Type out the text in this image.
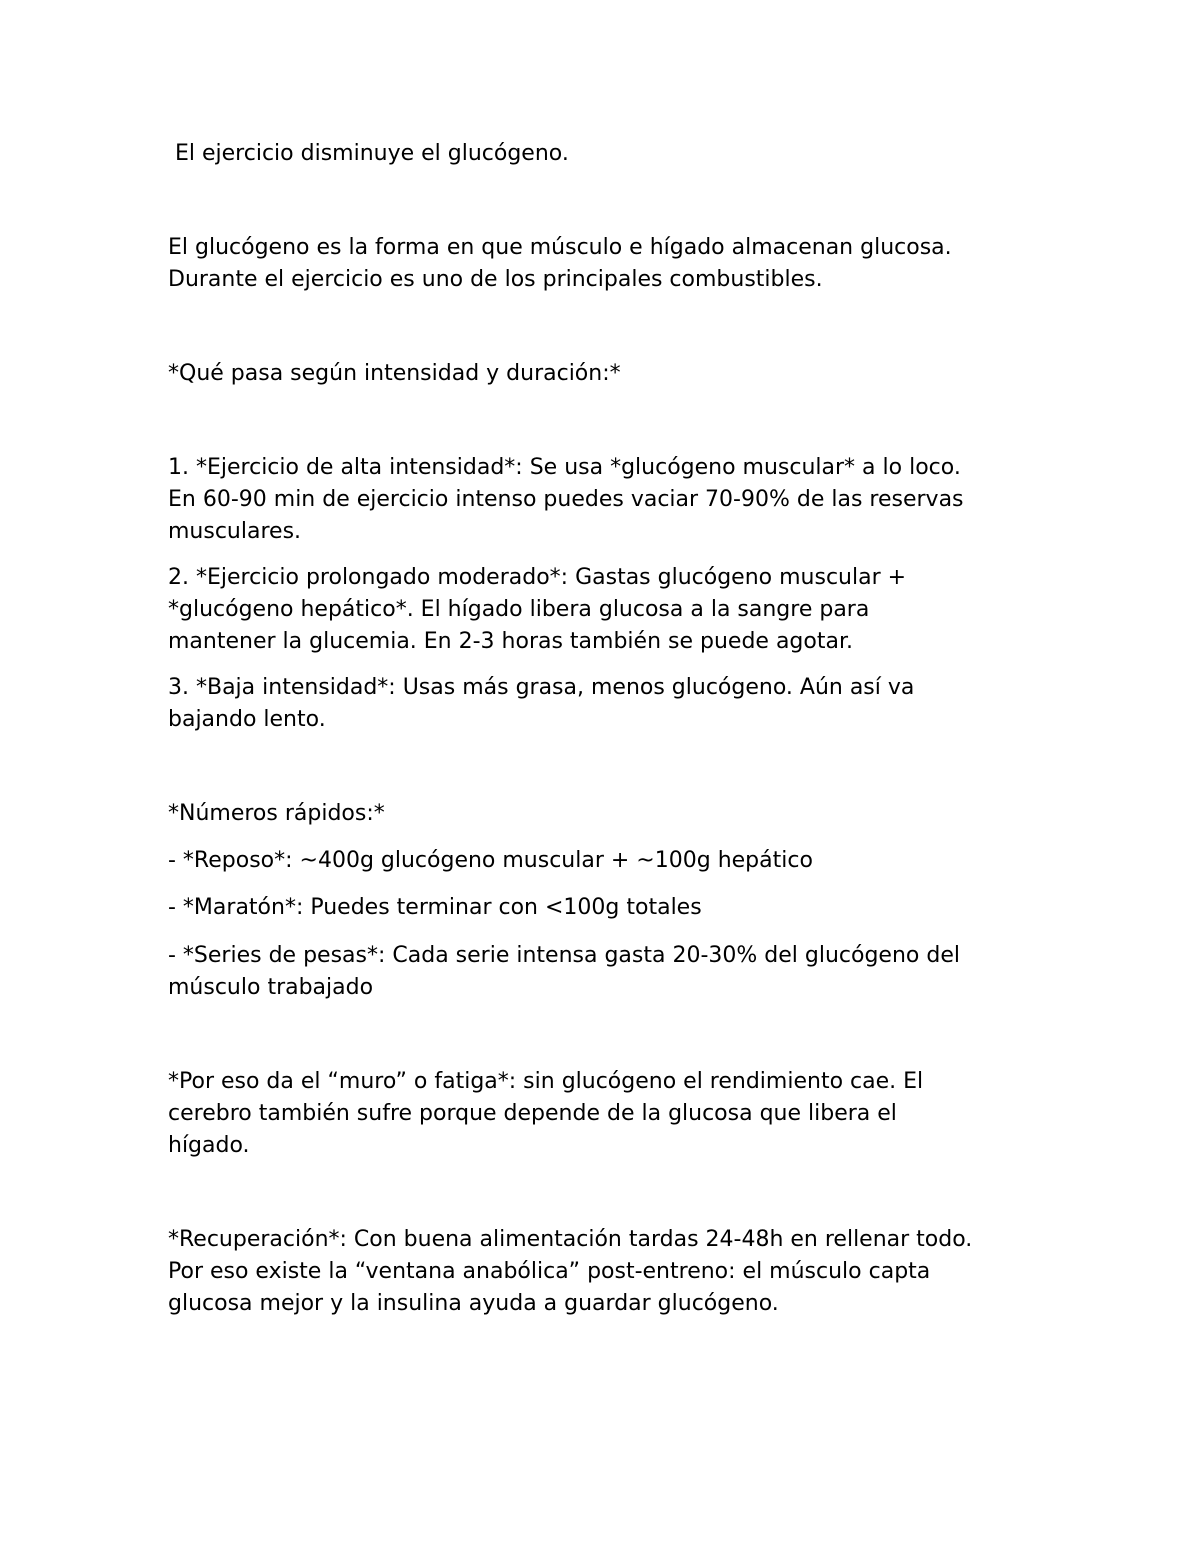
El ejercicio disminuye el glucógeno.

El glucógeno es la forma en que músculo e hígado almacenan glucosa.
Durante el ejercicio es uno de los principales combustibles.

*Qué pasa según intensidad y duración:*

1. *Ejercicio de alta intensidad*: Se usa *glucógeno muscular* a lo loco.
En 60-90 min de ejercicio intenso puedes vaciar 70-90% de las reservas
musculares.

2. *Ejercicio prolongado moderado*: Gastas glucógeno muscular +
*glucógeno hepático*. El hígado libera glucosa a la sangre para
mantener la glucemia. En 2-3 horas también se puede agotar.

3. *Baja intensidad*: Usas más grasa, menos glucógeno. Aún así va
bajando lento.

*Números rápidos:*

- *Reposo*: ~400g glucógeno muscular + ~100g hepático

- *Maratón*: Puedes terminar con <100g totales

- *Series de pesas*: Cada serie intensa gasta 20-30% del glucógeno del
músculo trabajado

*Por eso da el “muro” o fatiga*: sin glucógeno el rendimiento cae. El
cerebro también sufre porque depende de la glucosa que libera el
hígado.

*Recuperación*: Con buena alimentación tardas 24-48h en rellenar todo.
Por eso existe la “ventana anabólica” post-entreno: el músculo capta
glucosa mejor y la insulina ayuda a guardar glucógeno.
